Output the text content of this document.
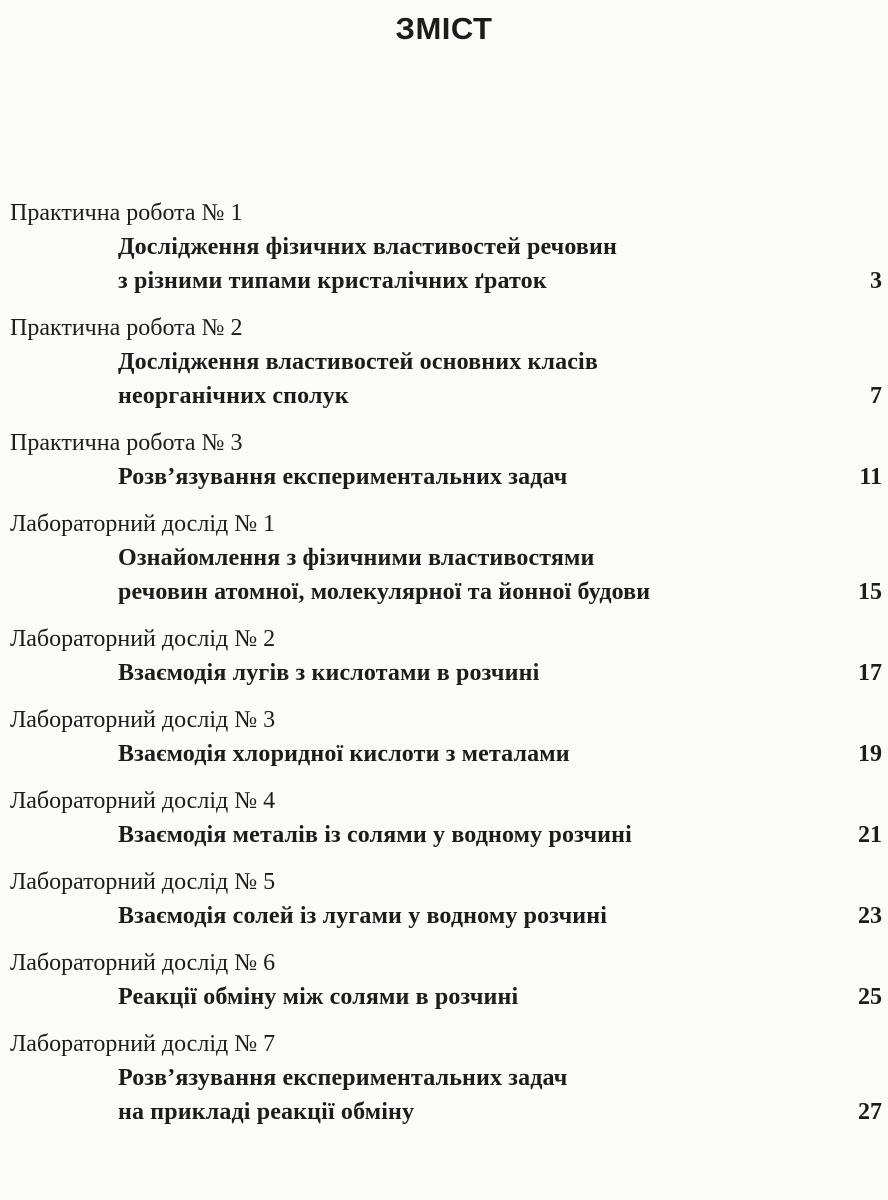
ЗМІСТ
Практична робота № 1
Дослідження фізичних властивостей речовин
з різними типами кристалічних ґраток	3
Практична робота № 2
Дослідження властивостей основних класів
неорганічних сполук	7
Практична робота № 3
Розв’язування експериментальних задач	11
Лабораторний дослід № 1
Ознайомлення з фізичними властивостями
речовин атомної, молекулярної та йонної будови	15
Лабораторний дослід № 2
Взаємодія лугів з кислотами в розчині	17
Лабораторний дослід № 3
Взаємодія хлоридної кислоти з металами	19
Лабораторний дослід № 4
Взаємодія металів із солями у водному розчині	21
Лабораторний дослід № 5
Взаємодія солей із лугами у водному розчині	23
Лабораторний дослід № 6
Реакції обміну між солями в розчині	25
Лабораторний дослід № 7
Розв’язування експериментальних задач
на прикладі реакції обміну	27
